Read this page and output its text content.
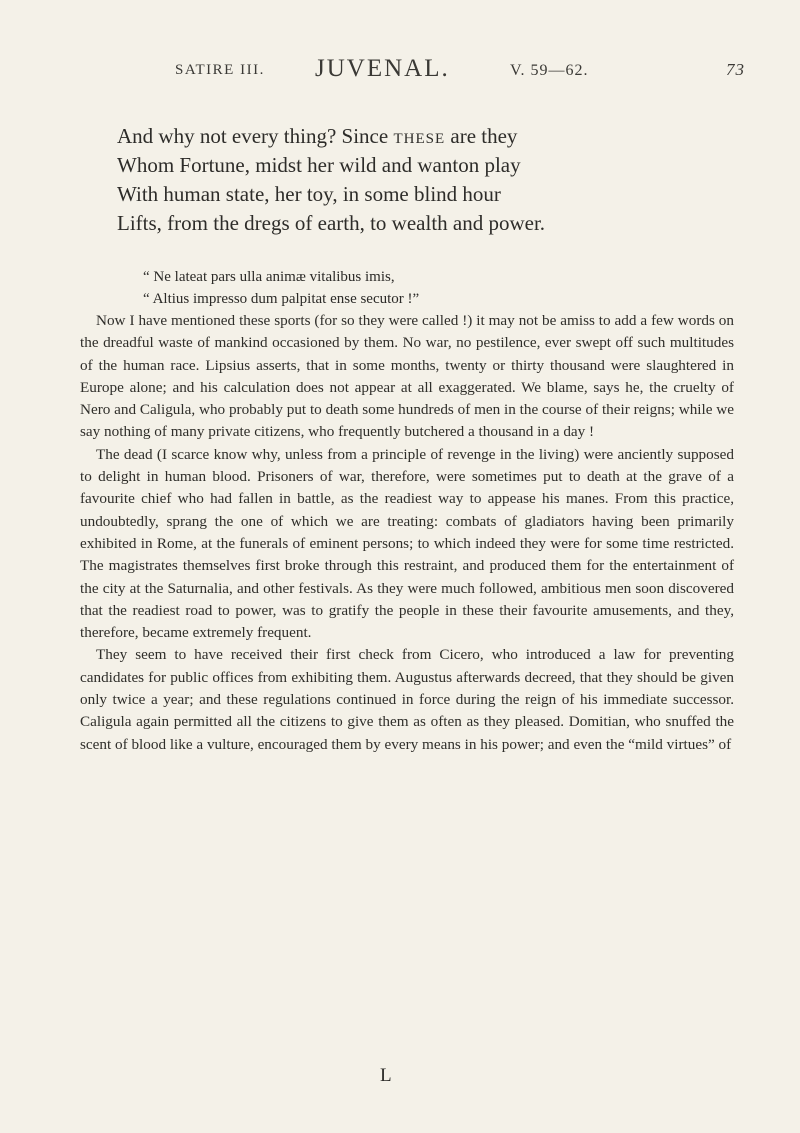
SATIRE III. JUVENAL.	V. 59—62.	73
And why not every thing? Since these are they
Whom Fortune, midst her wild and wanton play
With human state, her toy, in some blind hour
Lifts, from the dregs of earth, to wealth and power.
“ Ne lateat pars ulla animæ vitalibus imis,
“ Altius impresso dum palpitat ense secutor !”

Now I have mentioned these sports (for so they were called !) it may not be amiss to add a few words on the dreadful waste of mankind occasioned by them. No war, no pestilence, ever swept off such multitudes of the human race. Lipsius asserts, that in some months, twenty or thirty thousand were slaughtered in Europe alone; and his calculation does not appear at all exaggerated. We blame, says he, the cruelty of Nero and Caligula, who probably put to death some hundreds of men in the course of their reigns; while we say nothing of many private citizens, who frequently butchered a thousand in a day !

The dead (I scarce know why, unless from a principle of revenge in the living) were anciently supposed to delight in human blood. Prisoners of war, therefore, were sometimes put to death at the grave of a favourite chief who had fallen in battle, as the readiest way to appease his manes. From this practice, undoubtedly, sprang the one of which we are treating: combats of gladiators having been primarily exhibited in Rome, at the funerals of eminent persons; to which indeed they were for some time restricted. The magistrates themselves first broke through this restraint, and produced them for the entertainment of the city at the Saturnalia, and other festivals. As they were much followed, ambitious men soon discovered that the readiest road to power, was to gratify the people in these their favourite amusements, and they, therefore, became extremely frequent.

They seem to have received their first check from Cicero, who introduced a law for preventing candidates for public offices from exhibiting them. Augustus afterwards decreed, that they should be given only twice a year; and these regulations continued in force during the reign of his immediate successor. Caligula again permitted all the citizens to give them as often as they pleased. Domitian, who snuffed the scent of blood like a vulture, encouraged them by every means in his power; and even the “mild virtues” of

L
